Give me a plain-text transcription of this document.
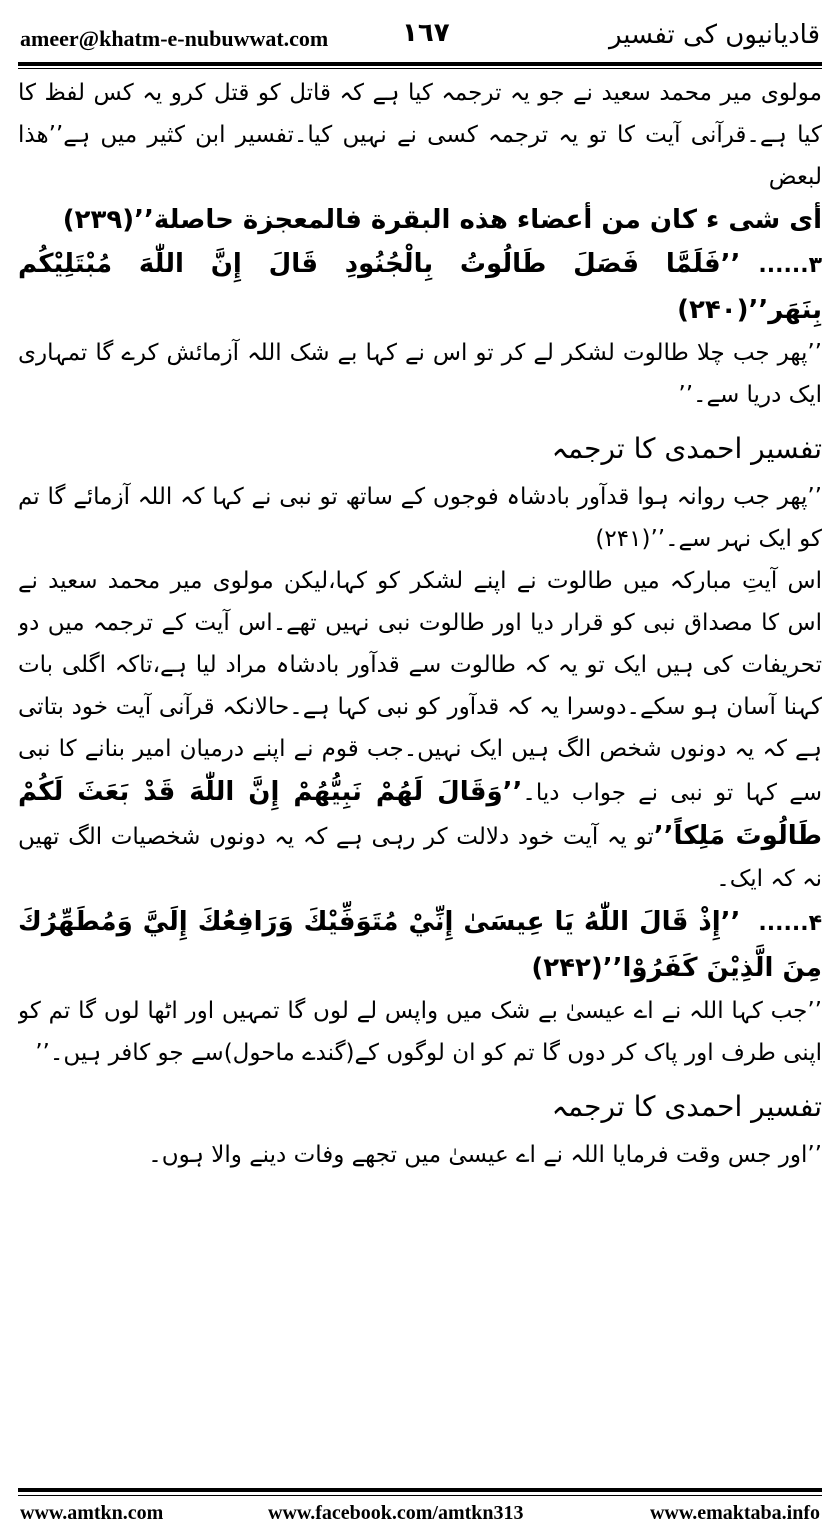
ameer@khatm-e-nubuwwat.com	۱٦۷	قادیانیوں کی تفسیر

مولوی میر محمد سعید نے جو یہ ترجمہ کیا ہے کہ قاتل کو قتل کرو یہ کس لفظ کا کیا ہے۔قرآنی آیت کا تو یہ ترجمہ کسی نے نہیں کیا۔تفسیر ابن کثیر میں ہے’’ھذا لبعض

أی شی ء کان من أعضاء هذه البقرة فالمعجزة حاصلة’’(۲۳۹)

۳......’’فَلَمَّا فَصَلَ طَالُوتُ بِالْجُنُودِ قَالَ إِنَّ اللّٰهَ مُبْتَلِيْكُم بِنَهَر’’(۲۴۰)

’’پھر جب چلا طالوت لشکر لے کر تو اس نے کہا بے شک اللہ آزمائش کرے گا تمہاری ایک دریا سے۔’’

تفسیر احمدی کا ترجمہ

’’پھر جب روانہ ہوا قدآور بادشاہ فوجوں کے ساتھ تو نبی نے کہا کہ اللہ آزمائے گا تم کو ایک نہر سے۔’’(۲۴۱)

اس آیتِ مبارکہ میں طالوت نے اپنے لشکر کو کہا،لیکن مولوی میر محمد سعید نے اس کا مصداق نبی کو قرار دیا اور طالوت نبی نہیں تھے۔اس آیت کے ترجمہ میں دو تحریفات کی ہیں ایک تو یہ کہ طالوت سے قدآور بادشاہ مراد لیا ہے،تاکہ اگلی بات کہنا آسان ہو سکے۔دوسرا یہ کہ قدآور کو نبی کہا ہے۔حالانکہ قرآنی آیت خود بتاتی ہے کہ یہ دونوں شخص الگ ہیں ایک نہیں۔جب قوم نے اپنے درمیان امیر بنانے کا نبی سے کہا تو نبی نے جواب دیا۔’’وَقَالَ لَهُمْ نَبِيُّهُمْ إِنَّ اللّٰهَ قَدْ بَعَثَ لَكُمْ طَالُوتَ مَلِكاً’’تو یہ آیت خود دلالت کر رہی ہے کہ یہ دونوں شخصیات الگ تھیں نہ کہ ایک۔

۴......’’إِذْ قَالَ اللّٰهُ يَا عِيسَىٰ إِنِّيْ مُتَوَفِّيْكَ وَرَافِعُكَ إِلَيَّ وَمُطَهِّرُكَ مِنَ الَّذِيْنَ كَفَرُوْا’’(۲۴۲)

’’جب کہا اللہ نے اے عیسیٰ بے شک میں واپس لے لوں گا تمہیں اور اٹھا لوں گا تم کو اپنی طرف اور پاک کر دوں گا تم کو ان لوگوں کے(گندے ماحول)سے جو کافر ہیں۔’’

تفسیر احمدی کا ترجمہ

’’اور جس وقت فرمایا اللہ نے اے عیسیٰ میں تجھے وفات دینے والا ہوں۔

www.amtkn.com	www.facebook.com/amtkn313	www.emaktaba.info
